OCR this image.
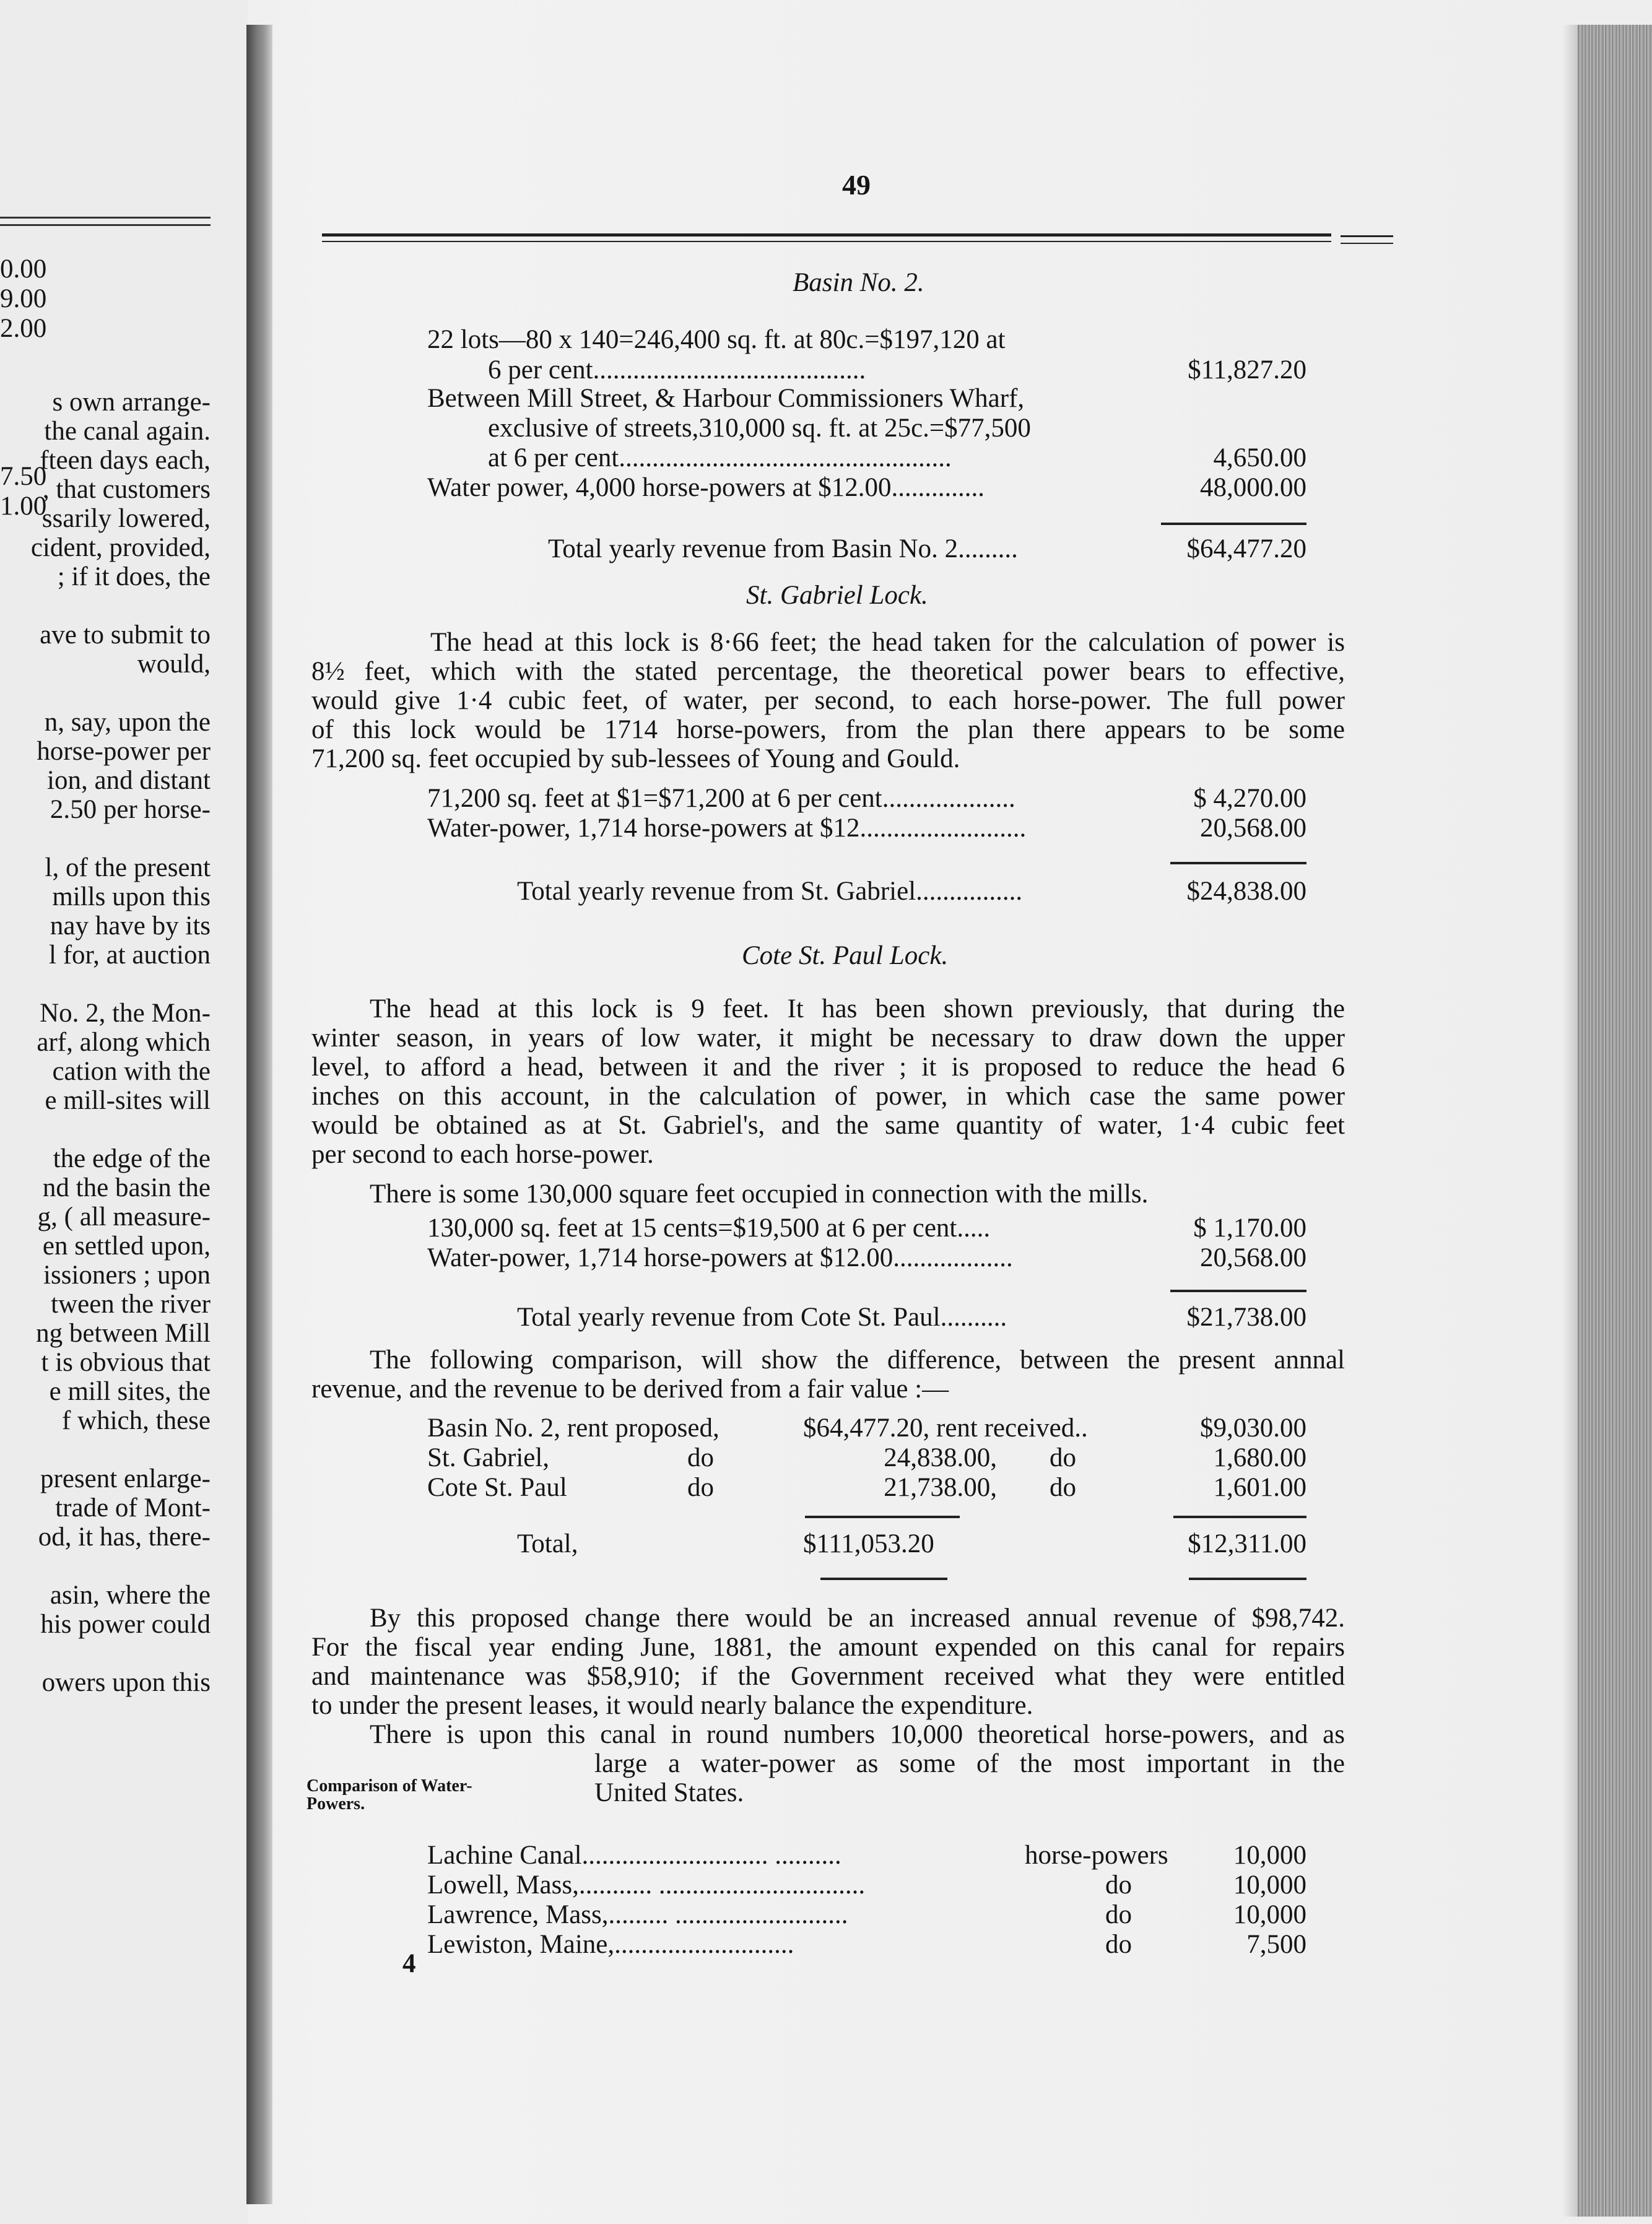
0.00
9.00
2.00
7.50
1.00
s own arrange-
the canal again.
fteen days each,
, that customers
ssarily lowered,
cident, provided,
; if it does, the
ave to submit to
would,
n, say, upon the
horse-power per
ion, and distant
2.50 per horse-
l, of the present
mills upon this
nay have by its
l for, at auction
No. 2, the Mon-
arf, along which
cation with the
e mill-sites will
the edge of the
nd the basin the
g, ( all measure-
en settled upon,
issioners ; upon
tween the river
ng between Mill
t is obvious that
e mill sites, the
f which, these
present enlarge-
trade of Mont-
od, it has, there-
asin, where the
his power could
owers upon this
49
Basin No. 2.
22 lots—80 x 140=246,400 sq. ft. at 80c.=$197,120 at
6 per cent.........................................	$11,827.20
Between Mill Street, & Harbour Commissioners Wharf,
exclusive of streets,310,000 sq. ft. at 25c.=$77,500
at 6 per cent..................................................	4,650.00
Water power, 4,000 horse-powers at $12.00..............	48,000.00
Total yearly revenue from Basin No. 2.........	$64,477.20
St. Gabriel Lock.
The head at this lock is 8·66 feet; the head taken for the calculation of power is
8½ feet, which with the stated percentage, the theoretical power bears to effective,
would give 1·4 cubic feet, of water, per second, to each horse-power. The full power
of this lock would be 1714 horse-powers, from the plan there appears to be some
71,200 sq. feet occupied by sub-lessees of Young and Gould.
71,200 sq. feet at $1=$71,200 at 6 per cent....................	$ 4,270.00
Water-power, 1,714 horse-powers at $12.........................	20,568.00
Total yearly revenue from St. Gabriel................	$24,838.00
Cote St. Paul Lock.
The head at this lock is 9 feet. It has been shown previously, that during the
winter season, in years of low water, it might be necessary to draw down the upper
level, to afford a head, between it and the river ; it is proposed to reduce the head 6
inches on this account, in the calculation of power, in which case the same power
would be obtained as at St. Gabriel's, and the same quantity of water, 1·4 cubic feet
per second to each horse-power.
There is some 130,000 square feet occupied in connection with the mills.
130,000 sq. feet at 15 cents=$19,500 at 6 per cent.....	$ 1,170.00
Water-power, 1,714 horse-powers at $12.00..................	20,568.00
Total yearly revenue from Cote St. Paul..........	$21,738.00
The following comparison, will show the difference, between the present annnal
revenue, and the revenue to be derived from a fair value :—
Basin No. 2, rent proposed,	$64,477.20, rent received..	$9,030.00
St. Gabriel,	do	24,838.00, do	1,680.00
Cote St. Paul	do	21,738.00, do	1,601.00
Total,	$111,053.20	$12,311.00
By this proposed change there would be an increased annual revenue of $98,742.
For the fiscal year ending June, 1881, the amount expended on this canal for repairs
and maintenance was $58,910; if the Government received what they were entitled
to under the present leases, it would nearly balance the expenditure.
There is upon this canal in round numbers 10,000 theoretical horse-powers, and as
large a water-power as some of the most important in the
United States.
Comparison of Water-
Powers.
Lachine Canal............................ ..........	horse-powers	10,000
Lowell, Mass,........... ...............................	do	10,000
Lawrence, Mass,......... ..........................	do	10,000
Lewiston, Maine,...........................	do	7,500
4
